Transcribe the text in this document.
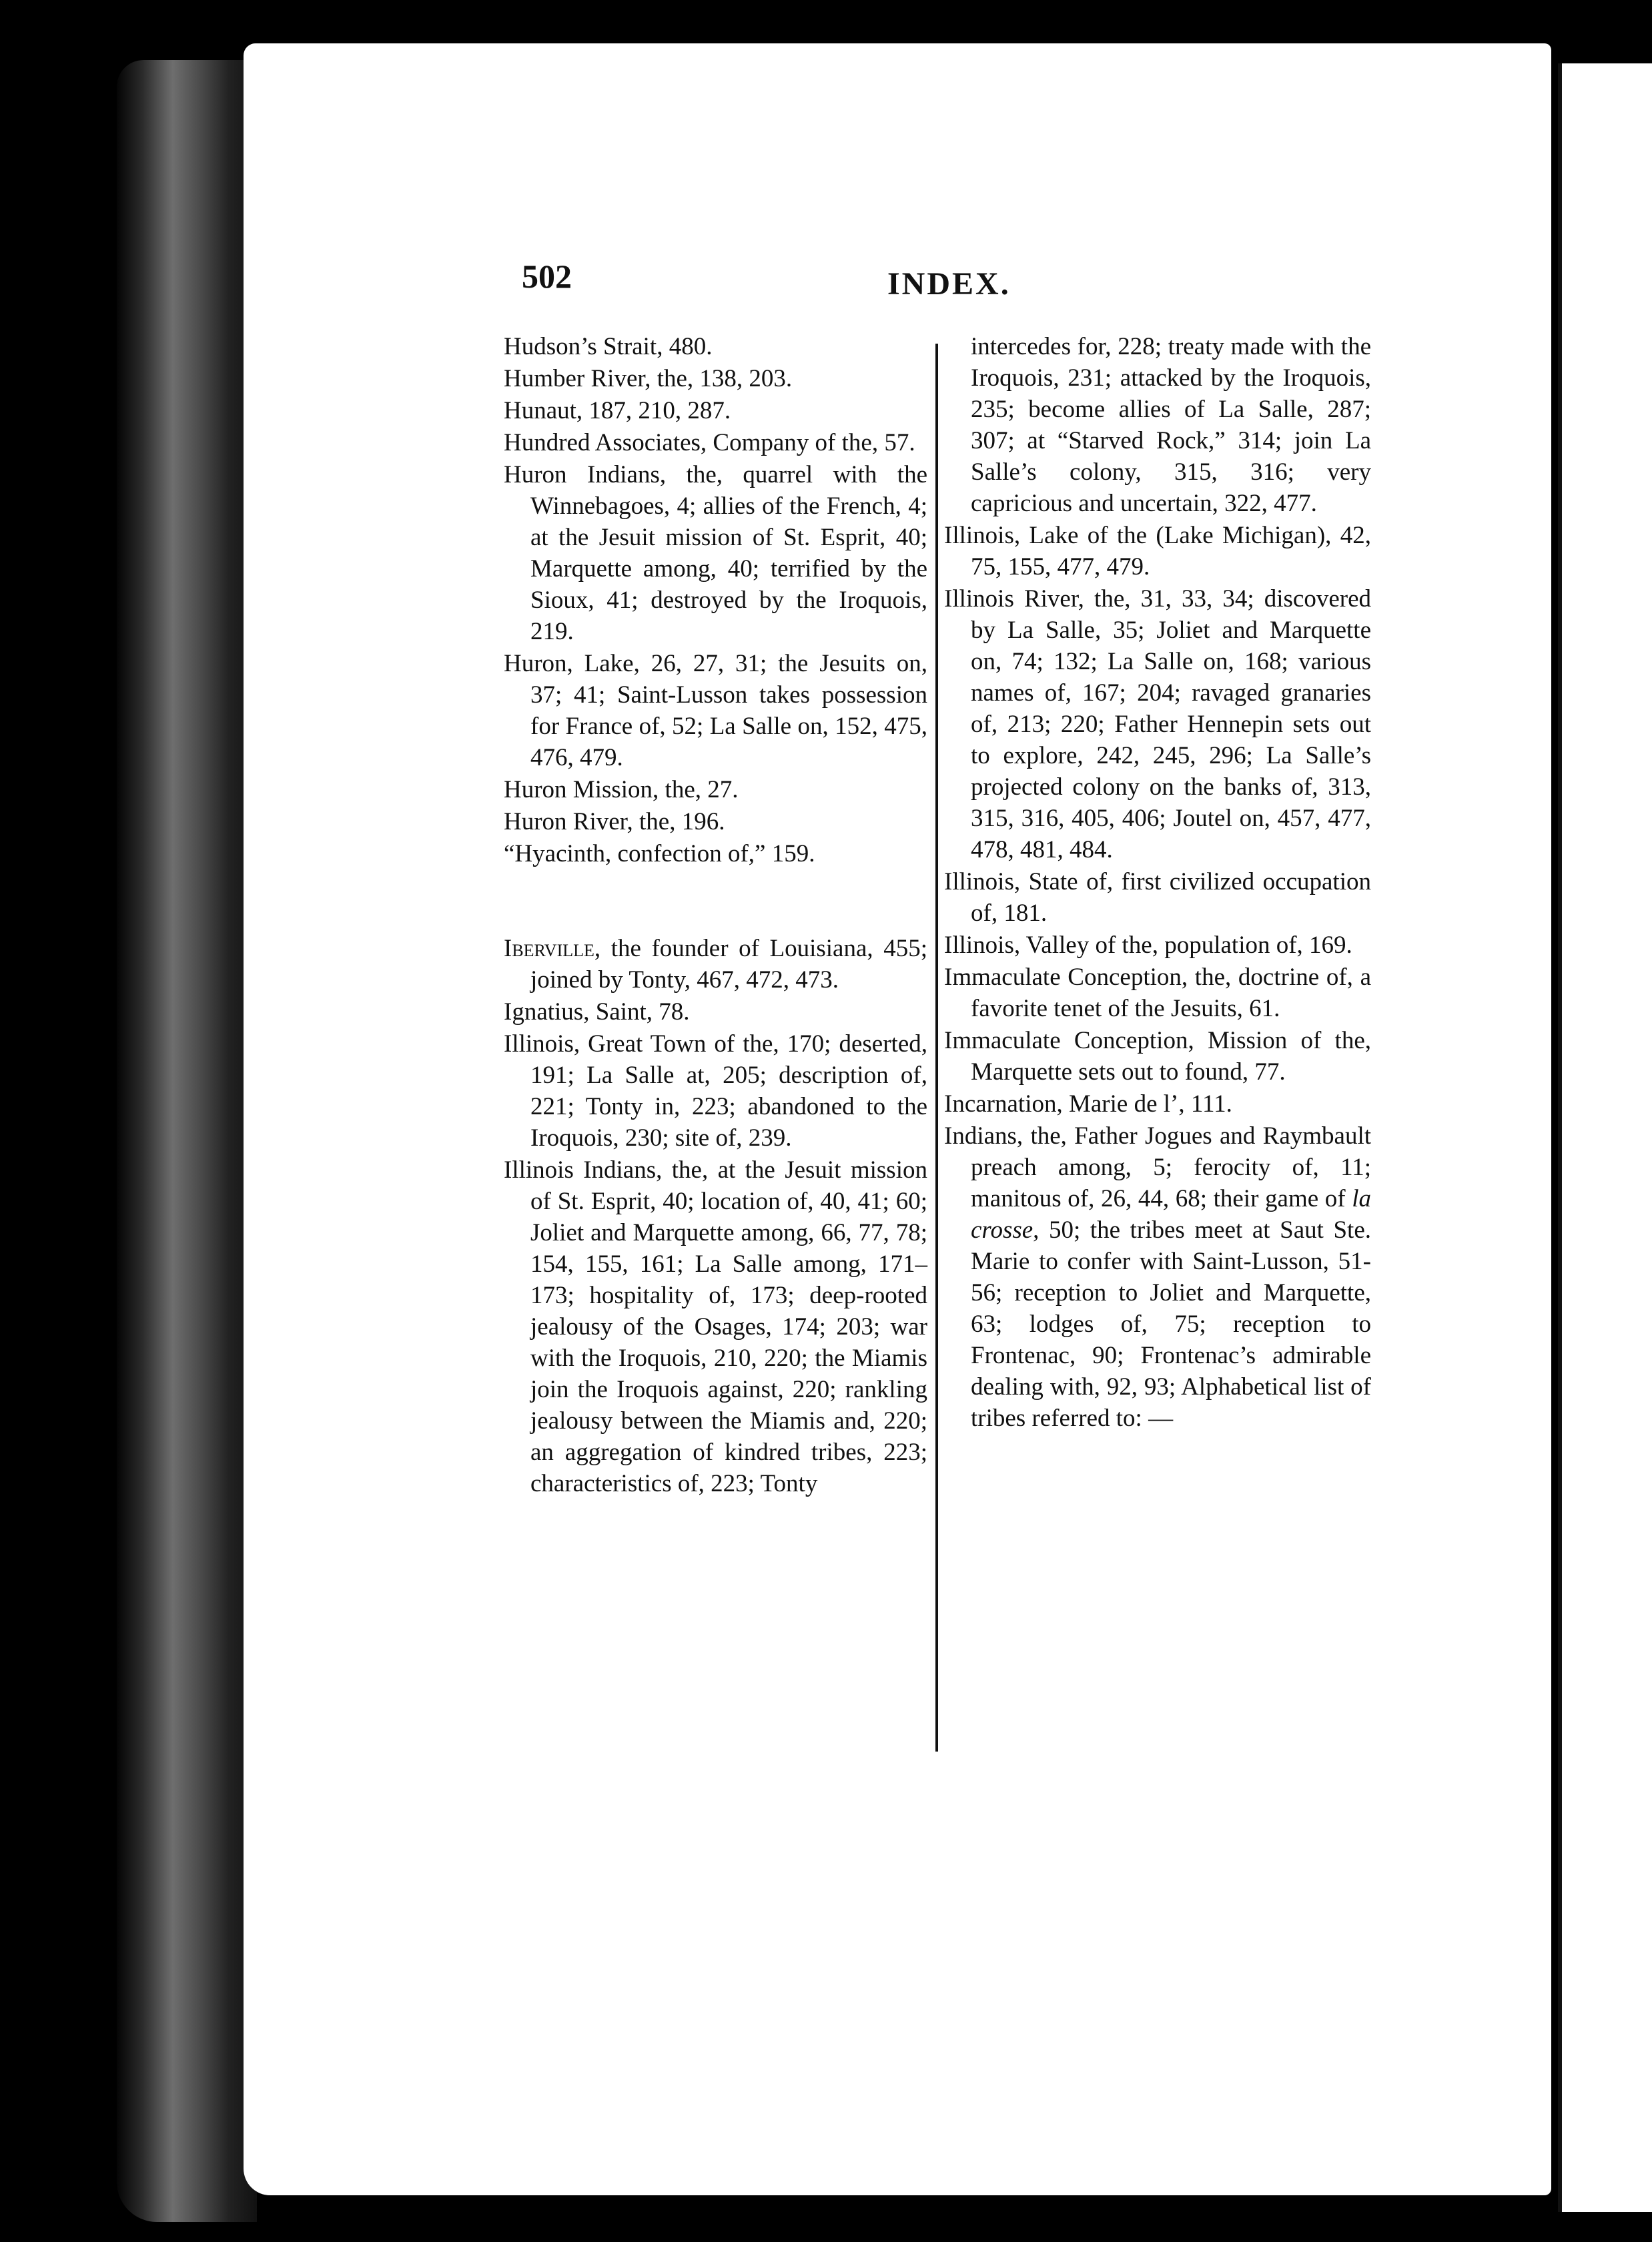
502	INDEX.

Hudson’s Strait, 480.

Humber River, the, 138, 203.

Hunaut, 187, 210, 287.

Hundred Associates, Company of the, 57.

Huron Indians, the, quarrel with the Winnebagoes, 4; allies of the French, 4; at the Jesuit mission of St. Esprit, 40; Marquette among, 40; terrified by the Sioux, 41; destroyed by the Iroquois, 219.

Huron, Lake, 26, 27, 31; the Jesuits on, 37; 41; Saint-Lusson takes possession for France of, 52; La Salle on, 152, 475, 476, 479.

Huron Mission, the, 27.

Huron River, the, 196.

“Hyacinth, confection of,” 159.

Iberville, the founder of Louisiana, 455; joined by Tonty, 467, 472, 473.

Ignatius, Saint, 78.

Illinois, Great Town of the, 170; deserted, 191; La Salle at, 205; description of, 221; Tonty in, 223; abandoned to the Iroquois, 230; site of, 239.

Illinois Indians, the, at the Jesuit mission of St. Esprit, 40; location of, 40, 41; 60; Joliet and Marquette among, 66, 77, 78; 154, 155, 161; La Salle among, 171–173; hospitality of, 173; deep-rooted jealousy of the Osages, 174; 203; war with the Iroquois, 210, 220; the Miamis join the Iroquois against, 220; rankling jealousy between the Miamis and, 220; an aggregation of kindred tribes, 223; characteristics of, 223; Tonty

intercedes for, 228; treaty made with the Iroquois, 231; attacked by the Iroquois, 235; become allies of La Salle, 287; 307; at “Starved Rock,” 314; join La Salle’s colony, 315, 316; very capricious and uncertain, 322, 477.

Illinois, Lake of the (Lake Michigan), 42, 75, 155, 477, 479.

Illinois River, the, 31, 33, 34; discovered by La Salle, 35; Joliet and Marquette on, 74; 132; La Salle on, 168; various names of, 167; 204; ravaged granaries of, 213; 220; Father Hennepin sets out to explore, 242, 245, 296; La Salle’s projected colony on the banks of, 313, 315, 316, 405, 406; Joutel on, 457, 477, 478, 481, 484.

Illinois, State of, first civilized occupation of, 181.

Illinois, Valley of the, population of, 169.

Immaculate Conception, the, doctrine of, a favorite tenet of the Jesuits, 61.

Immaculate Conception, Mission of the, Marquette sets out to found, 77.

Incarnation, Marie de l’, 111.

Indians, the, Father Jogues and Raymbault preach among, 5; ferocity of, 11; manitous of, 26, 44, 68; their game of la crosse, 50; the tribes meet at Saut Ste. Marie to confer with Saint-Lusson, 51-56; reception to Joliet and Marquette, 63; lodges of, 75; reception to Frontenac, 90; Frontenac’s admirable dealing with, 92, 93; Alphabetical list of tribes referred to: —
